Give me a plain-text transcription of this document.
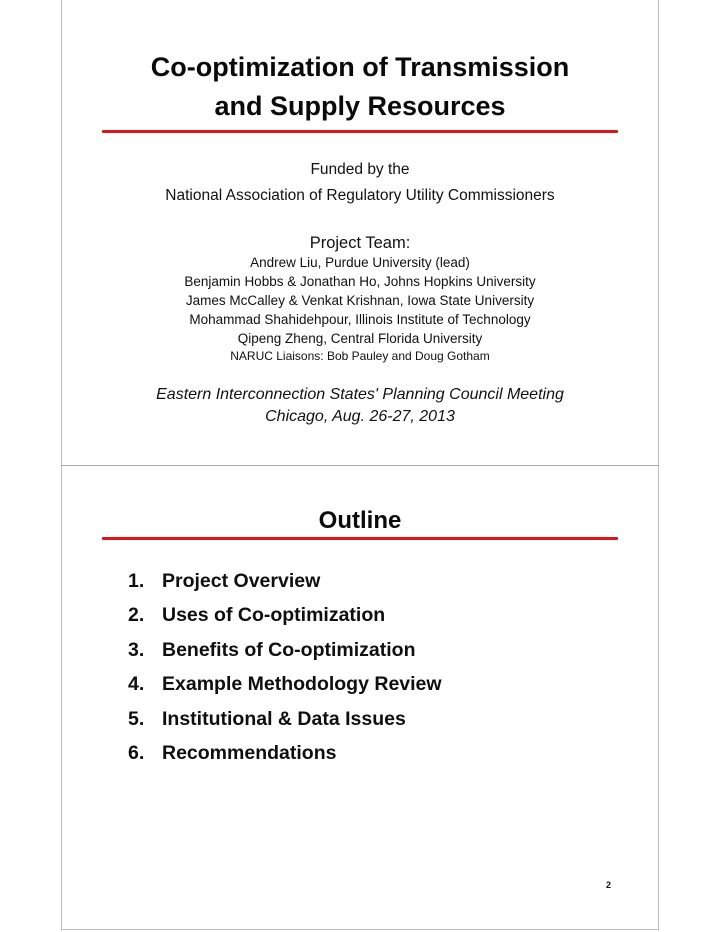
Co-optimization of Transmission
and Supply Resources
Funded by the
National Association of Regulatory Utility Commissioners
Project Team:
Andrew Liu, Purdue University (lead)
Benjamin Hobbs & Jonathan Ho, Johns Hopkins University
James McCalley & Venkat Krishnan, Iowa State University
Mohammad Shahidehpour, Illinois Institute of Technology
Qipeng Zheng, Central Florida University
NARUC Liaisons: Bob Pauley and Doug Gotham
Eastern Interconnection States' Planning Council Meeting
Chicago, Aug. 26-27, 2013
Outline
1. Project Overview
2. Uses of Co-optimization
3. Benefits of Co-optimization
4. Example Methodology Review
5. Institutional & Data Issues
6. Recommendations
2
